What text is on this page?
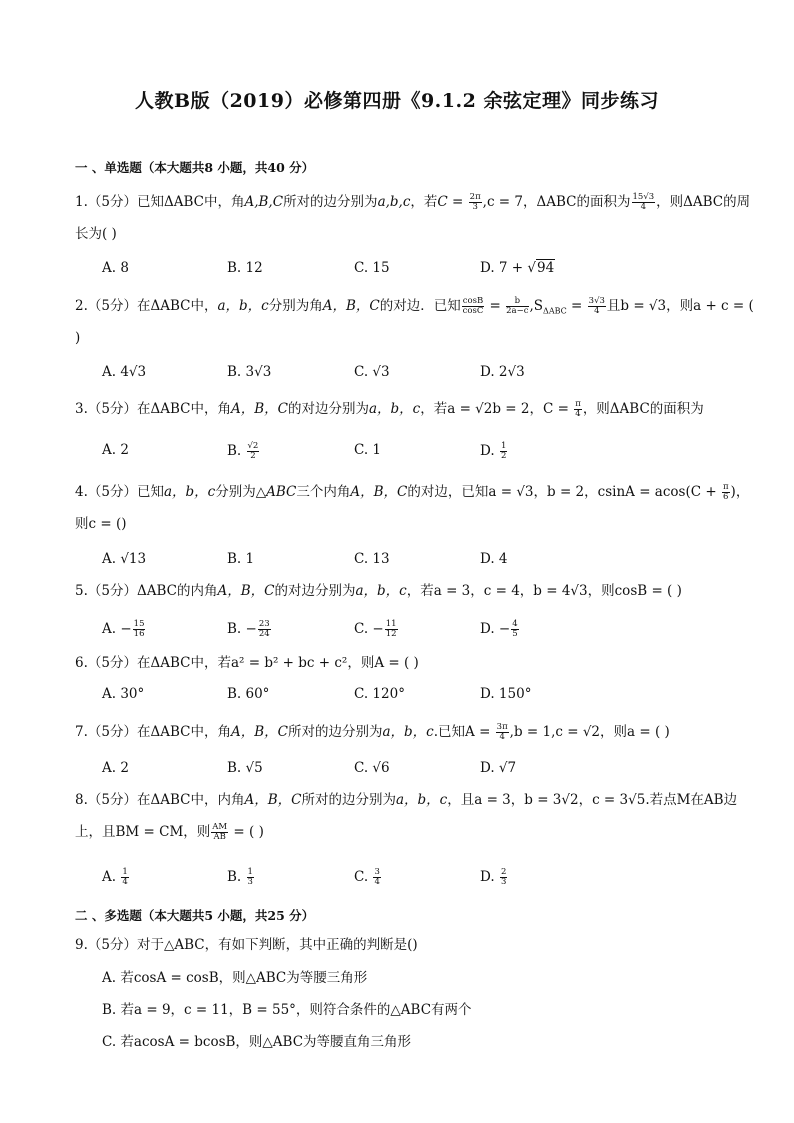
人教B版（2019）必修第四册《9.1.2 余弦定理》同步练习
一 、单选题（本大题共8 小题，共40 分）
1.（5分）已知ΔABC中，角A,B,C所对的边分别为a,b,c，若$C = \frac{2\pi}{3} ,c = 7$，ΔABC的面积为 $\frac{15√3}{4}$ ，则ΔABC的周
长为( )
A. 8	B. 12	C. 15	D. 7 + √94
2.（5分）在ΔABC中，a，b，c分别为角A，B，C的对边．已知 $\frac{\cos B}{\cos C} = \frac{b}{2a-c} ,S_{\Delta ABC} = \frac{3√3}{4}$ 且b = √3，则a + c = (
)
A. 4√3	B. 3√3	C. √3	D. 2√3
3.（5分）在ΔABC中，角A，B，C的对边分别为a，b，c，若a = √2b = 2，$C = \frac{\pi}{4}$ ，则ΔABC的面积为
A. 2	B. $\frac{√2}{2}$	C. 1	D. $\frac{1}{2}$
4.（5分）已知a，b，c分别为△ABC三个内角A，B，C的对边，已知a = √3，b = 2，$csinA = acos(C + \frac{\pi}{6}$ )，
则c = ()
A. √13	B. 1	C. 13	D. 4
5.（5分）ΔABC的内角A，B，C的对边分别为a，b，c，若a = 3，c = 4，b = 4√3，则cosB = ( )
A. − $\frac{15}{16}$	B. − $\frac{23}{24}$	C. − $\frac{11}{12}$	D. − $\frac{4}{5}$
6.（5分）在ΔABC中，若a² = b² + bc + c²，则A = ( )
A. 30°	B. 60°	C. 120°	D. 150°
7.（5分）在ΔABC中，角A，B，C所对的边分别为a，b，c.已知$A = \frac{3\pi}{4} ,b = 1,c = √2$，则a = ( )
A. 2	B. √5	C. √6	D. √7
8.（5分）在ΔABC中，内角A，B，C所对的边分别为a，b，c，且a = 3，b = 3√2，c = 3√5.若点M在AB边
上，且BM = CM，则 $\frac{AM}{AB}$ = ( )
A. $\frac{1}{4}$	B. $\frac{1}{3}$	C. $\frac{3}{4}$	D. $\frac{2}{3}$
二 、多选题（本大题共5 小题，共25 分）
9.（5分）对于△ABC，有如下判断，其中正确的判断是()
A. 若cosA = cosB，则△ABC为等腰三角形
B. 若a = 9，c = 11，B = 55°，则符合条件的△ABC有两个
C. 若acosA = bcosB，则△ABC为等腰直角三角形
